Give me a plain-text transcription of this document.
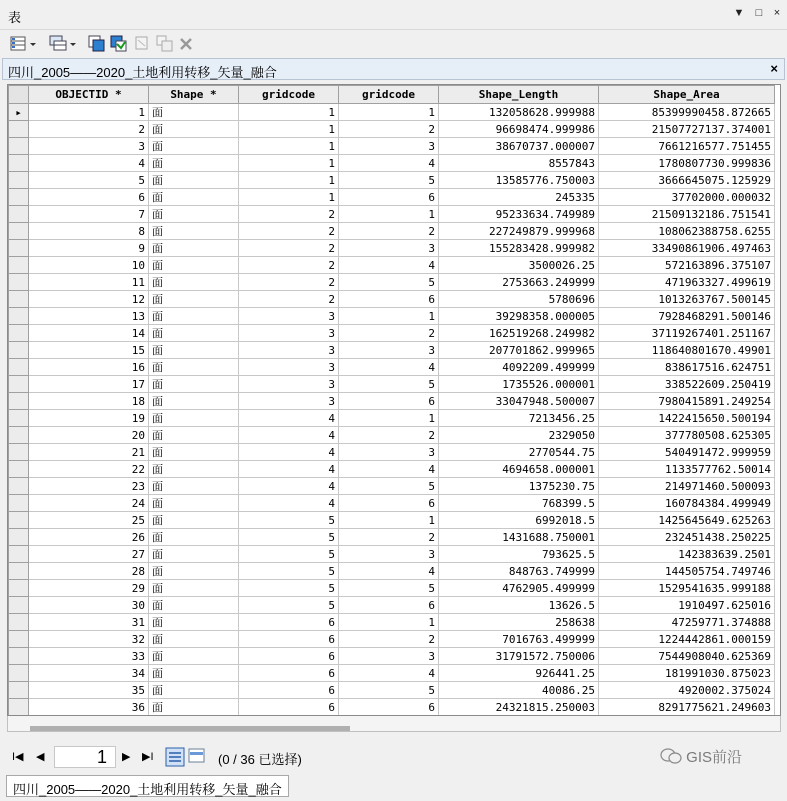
表	▼	□	×
四川_2005——2020_土地利用转移_矢量_融合	×
	OBJECTID *	Shape *	gridcode	gridcode	Shape_Length	Shape_Area
▸	1	面	1	1	132058628.999988	85399990458.872665
	2	面	1	2	96698474.999986	21507727137.374001
	3	面	1	3	38670737.000007	7661216577.751455
	4	面	1	4	8557843	1780807730.999836
	5	面	1	5	13585776.750003	3666645075.125929
	6	面	1	6	245335	37702000.000032
	7	面	2	1	95233634.749989	21509132186.751541
	8	面	2	2	227249879.999968	108062388758.6255
	9	面	2	3	155283428.999982	33490861906.497463
	10	面	2	4	3500026.25	572163896.375107
	11	面	2	5	2753663.249999	471963327.499619
	12	面	2	6	5780696	1013263767.500145
	13	面	3	1	39298358.000005	7928468291.500146
	14	面	3	2	162519268.249982	37119267401.251167
	15	面	3	3	207701862.999965	118640801670.49901
	16	面	3	4	4092209.499999	838617516.624751
	17	面	3	5	1735526.000001	338522609.250419
	18	面	3	6	33047948.500007	7980415891.249254
	19	面	4	1	7213456.25	1422415650.500194
	20	面	4	2	2329050	377780508.625305
	21	面	4	3	2770544.75	540491472.999959
	22	面	4	4	4694658.000001	1133577762.50014
	23	面	4	5	1375230.75	214971460.500093
	24	面	4	6	768399.5	160784384.499949
	25	面	5	1	6992018.5	1425645649.625263
	26	面	5	2	1431688.750001	232451438.250225
	27	面	5	3	793625.5	142383639.2501
	28	面	5	4	848763.749999	144505754.749746
	29	面	5	5	4762905.499999	1529541635.999188
	30	面	5	6	13626.5	1910497.625016
	31	面	6	1	258638	47259771.374888
	32	面	6	2	7016763.499999	1224442861.000159
	33	面	6	3	31791572.750006	7544908040.625369
	34	面	6	4	926441.25	181991030.875023
	35	面	6	5	40086.25	4920002.375024
	36	面	6	6	24321815.250003	8291775621.249603
I◀ ◀	1	▶ ▶I	(0 / 36 已选择)	GIS前沿
四川_2005——2020_土地利用转移_矢量_融合
